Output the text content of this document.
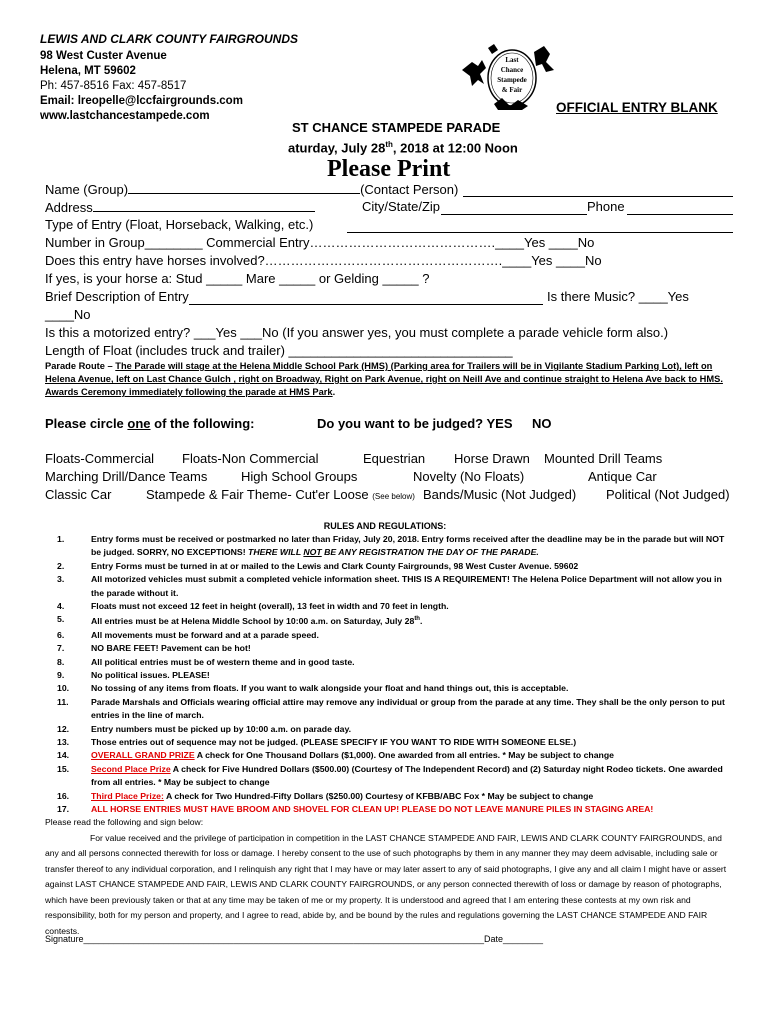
LEWIS AND CLARK COUNTY FAIRGROUNDS
98 West Custer Avenue
Helena, MT 59602
Ph: 457-8516 Fax: 457-8517
Email: lreopelle@lccfairgrounds.com
www.lastchancestampede.com
Last
Chance
Stampede
& Fair
OFFICIAL ENTRY BLANK
ST CHANCE STAMPEDE PARADE
aturday, July 28th, 2018 at 12:00 Noon
Please Print
Name (Group)	(Contact Person)
Address	City/State/Zip	Phone
Type of Entry (Float, Horseback, Walking, etc.)
Number in Group________ Commercial Entry…………………………………….____Yes ____No
Does this entry have horses involved?……………………………………………….____Yes ____No
If yes, is your horse a: Stud _____ Mare _____ or Gelding _____ ?
Brief Description of Entry	Is there Music? ____Yes
____No
Is this a motorized entry? ___Yes ___No (If you answer yes, you must complete a parade vehicle form also.)
Length of Float (includes truck and trailer) _______________________________
Parade Route – The Parade will stage at the Helena Middle School Park (HMS) (Parking area for Trailers will be in Vigilante Stadium Parking Lot), left on Helena Avenue, left on Last Chance Gulch , right on Broadway, Right on Park Avenue, right on Neill Ave and continue straight to Helena Ave back to HMS. Awards Ceremony immediately following the parade at HMS Park.
Please circle one of the following:	Do you want to be judged? YES NO
Floats-Commercial Floats-Non Commercial	Equestrian Horse Drawn Mounted Drill Teams
Marching Drill/Dance Teams	High School Groups	Novelty (No Floats)	Antique Car
Classic Car	Stampede & Fair Theme- Cut'er Loose (See below) Bands/Music (Not Judged) Political (Not Judged)
RULES AND REGULATIONS:
1.	Entry forms must be received or postmarked no later than Friday, July 20, 2018. Entry forms received after the deadline may be in the parade but will NOT be judged. SORRY, NO EXCEPTIONS! THERE WILL NOT BE ANY REGISTRATION THE DAY OF THE PARADE.
2.	Entry Forms must be turned in at or mailed to the Lewis and Clark County Fairgrounds, 98 West Custer Avenue. 59602
3.	All motorized vehicles must submit a completed vehicle information sheet. THIS IS A REQUIREMENT! The Helena Police Department will not allow you in the parade without it.
4.	Floats must not exceed 12 feet in height (overall), 13 feet in width and 70 feet in length.
5.	All entries must be at Helena Middle School by 10:00 a.m. on Saturday, July 28th.
6.	All movements must be forward and at a parade speed.
7.	NO BARE FEET! Pavement can be hot!
8.	All political entries must be of western theme and in good taste.
9.	No political issues. PLEASE!
10.	No tossing of any items from floats. If you want to walk alongside your float and hand things out, this is acceptable.
11.	Parade Marshals and Officials wearing official attire may remove any individual or group from the parade at any time. They shall be the only person to put entries in the line of march.
12.	Entry numbers must be picked up by 10:00 a.m. on parade day.
13.	Those entries out of sequence may not be judged. (PLEASE SPECIFY IF YOU WANT TO RIDE WITH SOMEONE ELSE.)
14.	OVERALL GRAND PRIZE A check for One Thousand Dollars ($1,000). One awarded from all entries. * May be subject to change
15.	Second Place Prize A check for Five Hundred Dollars ($500.00) (Courtesy of The Independent Record) and (2) Saturday night Rodeo tickets. One awarded from all entries. * May be subject to change
16.	Third Place Prize: A check for Two Hundred-Fifty Dollars ($250.00) Courtesy of KFBB/ABC Fox * May be subject to change
17.	ALL HORSE ENTRIES MUST HAVE BROOM AND SHOVEL FOR CLEAN UP! PLEASE DO NOT LEAVE MANURE PILES IN STAGING AREA!
Please read the following and sign below:

For value received and the privilege of participation in competition in the LAST CHANCE STAMPEDE AND FAIR, LEWIS AND CLARK COUNTY FAIRGROUNDS, and any and all persons connected therewith for loss or damage. I hereby consent to the use of such photographs by them in any manner they may deem advisable, including sale or transfer thereof to any individual corporation, and I relinquish any right that I may have or may later assert to any of said photographs, I give any and all claim I might have or assert against LAST CHANCE STAMPEDE AND FAIR, LEWIS AND CLARK COUNTY FAIRGROUNDS, or any person connected therewith of loss or damage by reason of photographs, which have been previously taken or that at any time may be taken of me or my property. It is understood and agreed that I am entering these contests at my own risk and responsibility, both for my person and property, and I agree to read, abide by, and be bound by the rules and regulations governing the LAST CHANCE STAMPEDE AND FAIR contests.

Signature________________________________________________________________________________Date________
